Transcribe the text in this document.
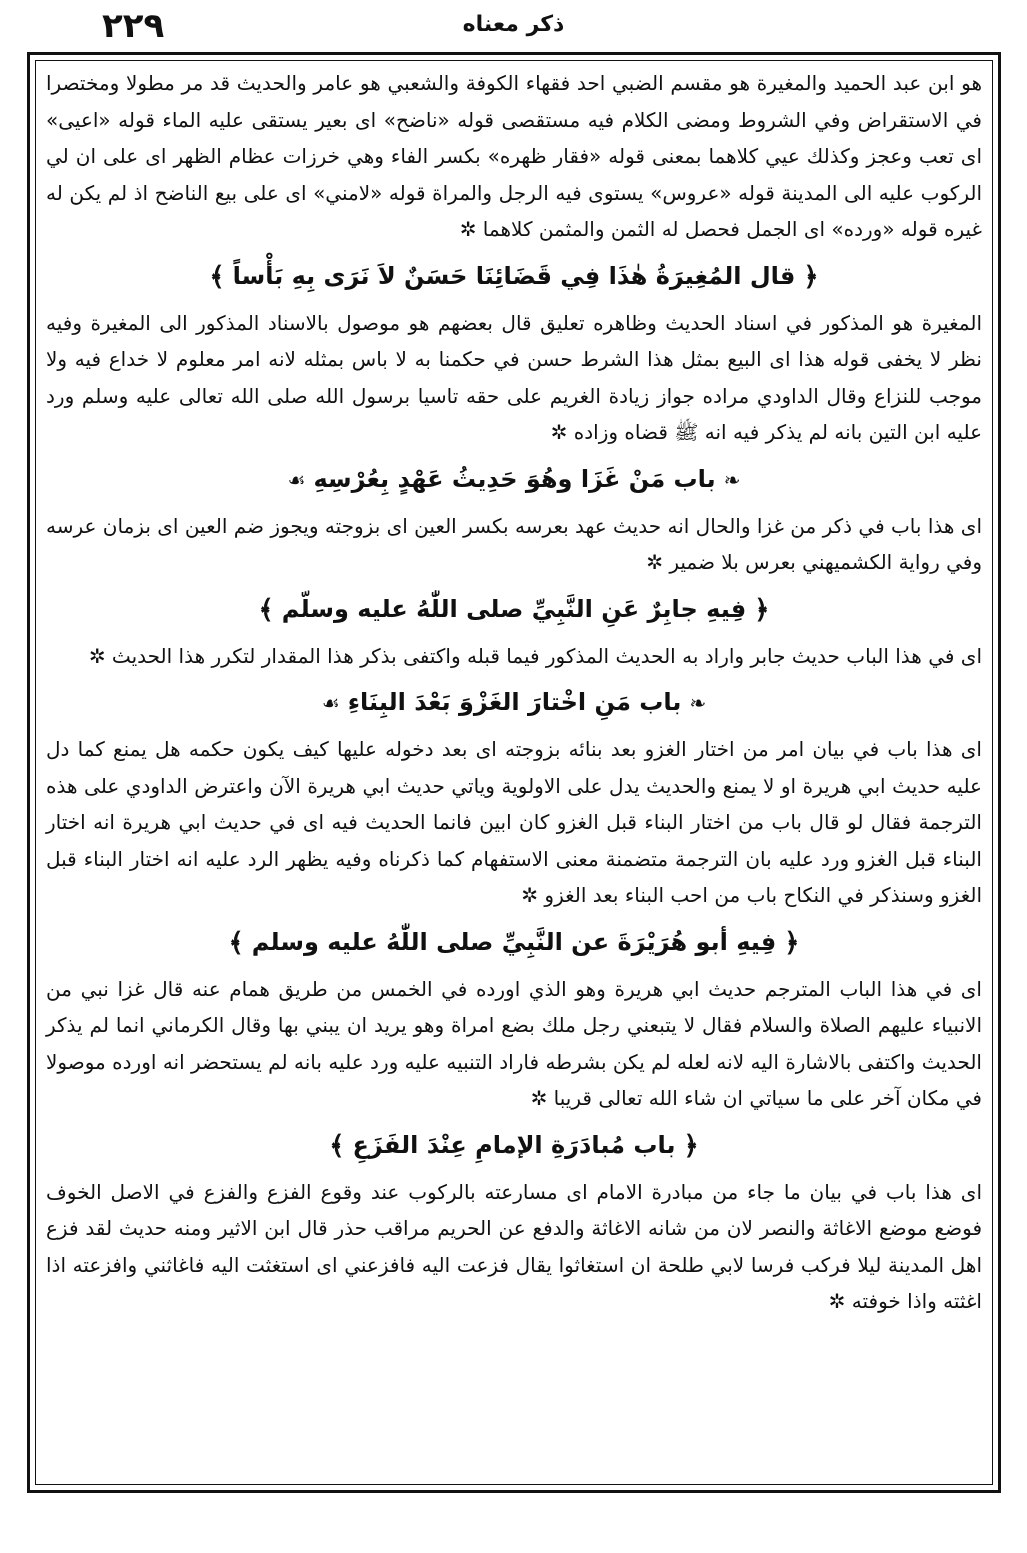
٢٢٩	ذكر معناه

هو ابن عبد الحميد والمغيرة هو مقسم الضبي احد فقهاء الكوفة والشعبي هو عامر والحديث قد مر مطولا ومختصرا في الاستقراض وفي الشروط ومضى الكلام فيه مستقصى قوله «ناضح» اى بعير يستقى عليه الماء قوله «اعيى» اى تعب وعجز وكذلك عيي كلاهما بمعنى قوله «فقار ظهره» بكسر الفاء وهي خرزات عظام الظهر اى على ان لي الركوب عليه الى المدينة قوله «عروس» يستوى فيه الرجل والمراة قوله «لامني» اى على بيع الناضح اذ لم يكن له غيره قوله «ورده» اى الجمل فحصل له الثمن والمثمن كلاهما ✲

﴿قال المُغِيرَةُ هٰذَا فِي قَضَائِنَا حَسَنٌ لاَ نَرَى بِهِ بَأْساً﴾

المغيرة هو المذكور في اسناد الحديث وظاهره تعليق قال بعضهم هو موصول بالاسناد المذكور الى المغيرة وفيه نظر لا يخفى قوله هذا اى البيع بمثل هذا الشرط حسن في حكمنا به لا باس بمثله لانه امر معلوم لا خداع فيه ولا موجب للنزاع وقال الداودي مراده جواز زيادة الغريم على حقه تاسيا برسول الله صلى الله تعالى عليه وسلم ورد عليه ابن التين بانه لم يذكر فيه انه ﷺ قضاه وزاده ✲

❧باب مَنْ غَزَا وهُوَ حَدِيثُ عَهْدٍ بِعُرْسِهِ☙

اى هذا باب في ذكر من غزا والحال انه حديث عهد بعرسه بكسر العين اى بزوجته ويجوز ضم العين اى بزمان عرسه وفي رواية الكشميهني بعرس بلا ضمير ✲

﴿فِيهِ جابِرٌ عَنِ النَّبِيِّ صلى اللّٰهُ عليه وسلّم﴾

اى في هذا الباب حديث جابر واراد به الحديث المذكور فيما قبله واكتفى بذكر هذا المقدار لتكرر هذا الحديث ✲

❧باب مَنِ اخْتارَ الغَزْوَ بَعْدَ البِنَاءِ☙

اى هذا باب في بيان امر من اختار الغزو بعد بنائه بزوجته اى بعد دخوله عليها كيف يكون حكمه هل يمنع كما دل عليه حديث ابي هريرة او لا يمنع والحديث يدل على الاولوية وياتي حديث ابي هريرة الآن واعترض الداودي على هذه الترجمة فقال لو قال باب من اختار البناء قبل الغزو كان ابين فانما الحديث فيه اى في حديث ابي هريرة انه اختار البناء قبل الغزو ورد عليه بان الترجمة متضمنة معنى الاستفهام كما ذكرناه وفيه يظهر الرد عليه انه اختار البناء قبل الغزو وسنذكر في النكاح باب من احب البناء بعد الغزو ✲

﴿فِيهِ أبو هُرَيْرَةَ عن النَّبِيِّ صلى اللّٰهُ عليه وسلم﴾

اى في هذا الباب المترجم حديث ابي هريرة وهو الذي اورده في الخمس من طريق همام عنه قال غزا نبي من الانبياء عليهم الصلاة والسلام فقال لا يتبعني رجل ملك بضع امراة وهو يريد ان يبني بها وقال الكرماني انما لم يذكر الحديث واكتفى بالاشارة اليه لانه لعله لم يكن بشرطه فاراد التنبيه عليه ورد عليه بانه لم يستحضر انه اورده موصولا في مكان آخر على ما سياتي ان شاء الله تعالى قريبا ✲

﴿باب مُبادَرَةِ الإمامِ عِنْدَ الفَزَعِ﴾

اى هذا باب في بيان ما جاء من مبادرة الامام اى مسارعته بالركوب عند وقوع الفزع والفزع في الاصل الخوف فوضع موضع الاغاثة والنصر لان من شانه الاغاثة والدفع عن الحريم مراقب حذر قال ابن الاثير ومنه حديث لقد فزع اهل المدينة ليلا فركب فرسا لابي طلحة ان استغاثوا يقال فزعت اليه فافزعني اى استغثت اليه فاغاثني وافزعته اذا اغثته واذا خوفته ✲
